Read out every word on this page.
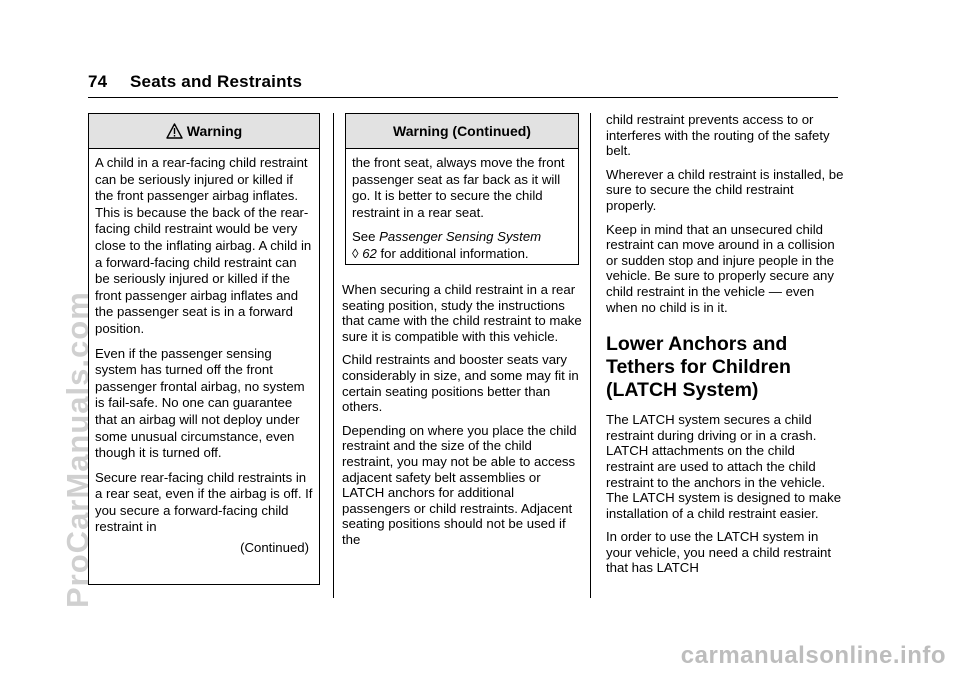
74 Seats and Restraints
Warning

A child in a rear-facing child restraint can be seriously injured or killed if the front passenger airbag inflates. This is because the back of the rear-facing child restraint would be very close to the inflating airbag. A child in a forward-facing child restraint can be seriously injured or killed if the front passenger airbag inflates and the passenger seat is in a forward position.

Even if the passenger sensing system has turned off the front passenger frontal airbag, no system is fail-safe. No one can guarantee that an airbag will not deploy under some unusual circumstance, even though it is turned off.

Secure rear-facing child restraints in a rear seat, even if the airbag is off. If you secure a forward-facing child restraint in

(Continued)
Warning (Continued)

the front seat, always move the front passenger seat as far back as it will go. It is better to secure the child restraint in a rear seat.

See Passenger Sensing System
◊ 62 for additional information.

When securing a child restraint in a rear seating position, study the instructions that came with the child restraint to make sure it is compatible with this vehicle.

Child restraints and booster seats vary considerably in size, and some may fit in certain seating positions better than others.

Depending on where you place the child restraint and the size of the child restraint, you may not be able to access adjacent safety belt assemblies or LATCH anchors for additional passengers or child restraints. Adjacent seating positions should not be used if the

child restraint prevents access to or interferes with the routing of the safety belt.

Wherever a child restraint is installed, be sure to secure the child restraint properly.

Keep in mind that an unsecured child restraint can move around in a collision or sudden stop and injure people in the vehicle. Be sure to properly secure any child restraint in the vehicle — even when no child is in it.

Lower Anchors and Tethers for Children (LATCH System)

The LATCH system secures a child restraint during driving or in a crash. LATCH attachments on the child restraint are used to attach the child restraint to the anchors in the vehicle. The LATCH system is designed to make installation of a child restraint easier.

In order to use the LATCH system in your vehicle, you need a child restraint that has LATCH

ProCarManuals.com
carmanualsonline.info
